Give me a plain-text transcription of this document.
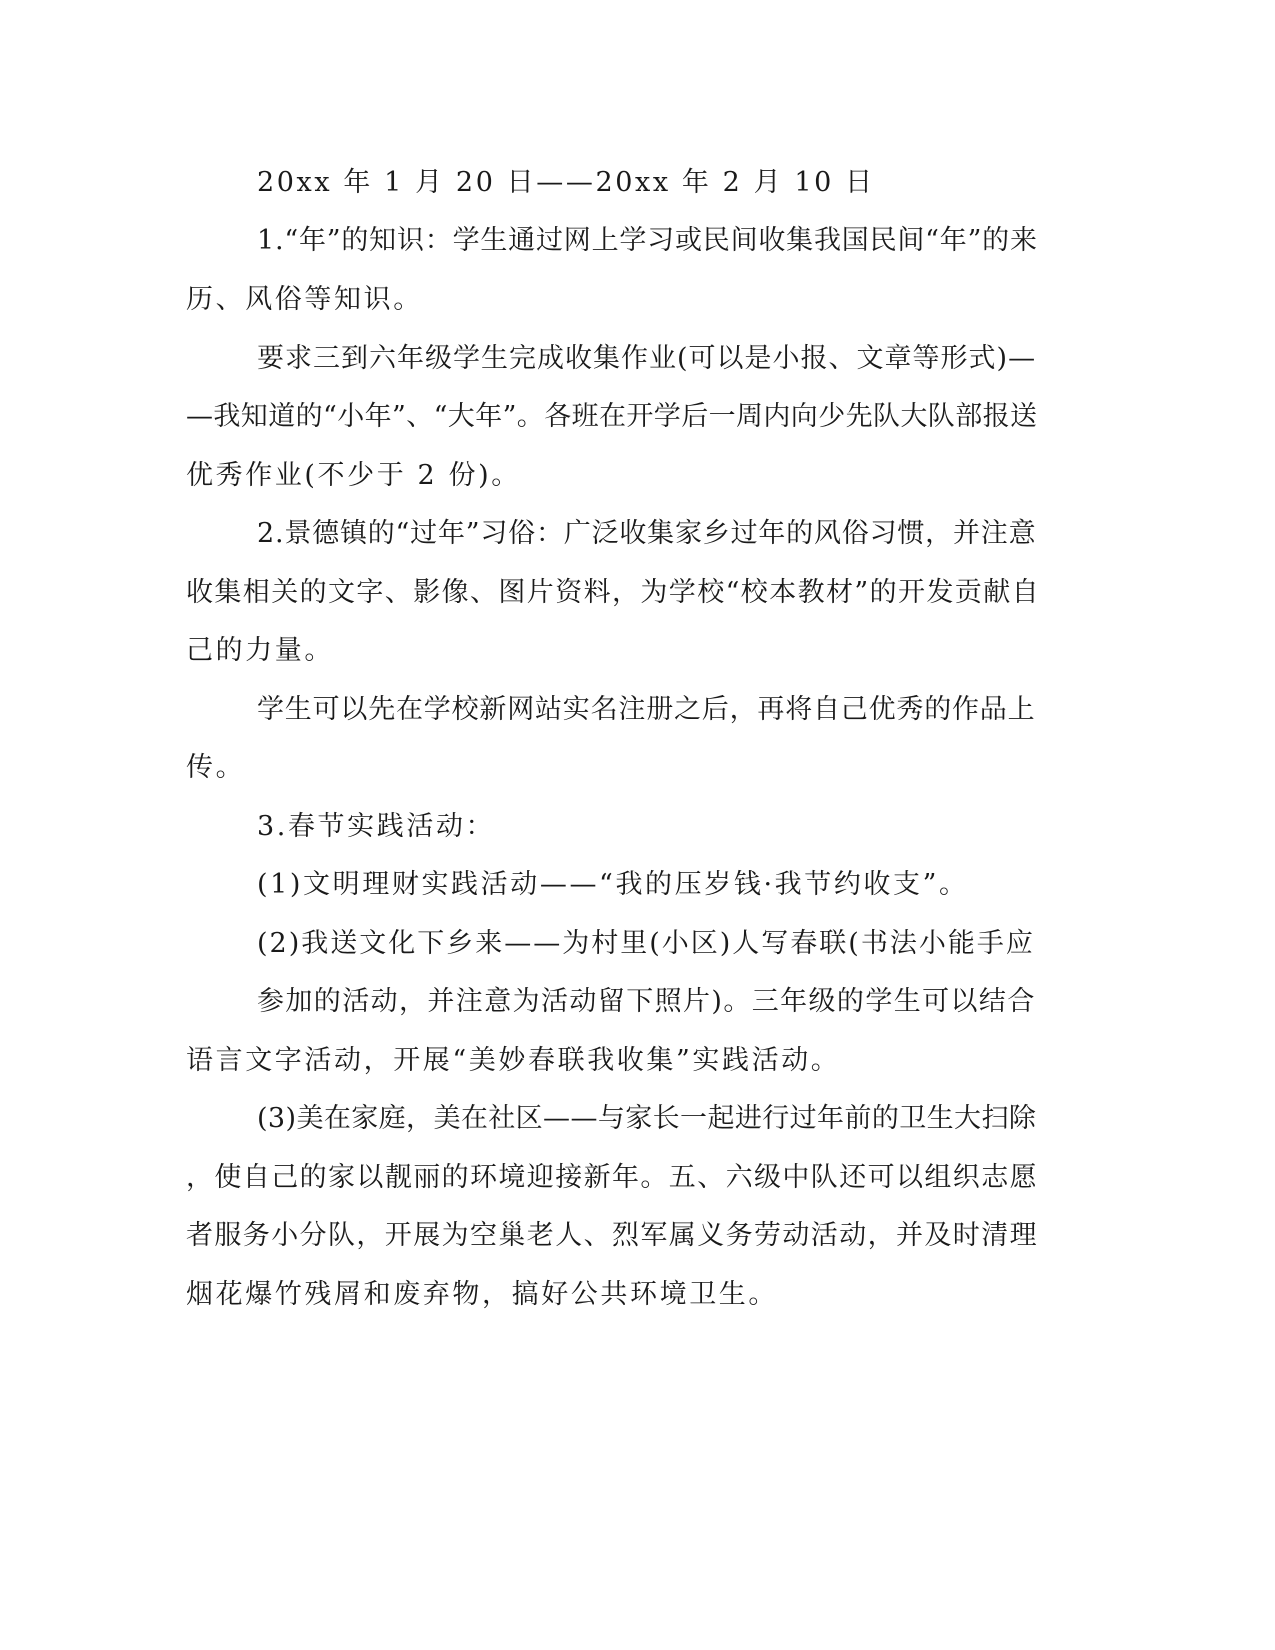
20xx 年 1 月 20 日——20xx 年 2 月 10 日
1.“年”的知识：学生通过网上学习或民间收集我国民间“年”的来
历、风俗等知识。
要求三到六年级学生完成收集作业(可以是小报、文章等形式)—
—我知道的“小年”、“大年”。各班在开学后一周内向少先队大队部报送
优秀作业(不少于 2 份)。
2.景德镇的“过年”习俗：广泛收集家乡过年的风俗习惯，并注意
收集相关的文字、影像、图片资料，为学校“校本教材”的开发贡献自
己的力量。
学生可以先在学校新网站实名注册之后，再将自己优秀的作品上
传。
3.春节实践活动：
(1)文明理财实践活动——“我的压岁钱·我节约收支”。
(2)我送文化下乡来——为村里(小区)人写春联(书法小能手应
参加的活动，并注意为活动留下照片)。三年级的学生可以结合
语言文字活动，开展“美妙春联我收集”实践活动。
(3)美在家庭，美在社区——与家长一起进行过年前的卫生大扫除
，使自己的家以靓丽的环境迎接新年。五、六级中队还可以组织志愿
者服务小分队，开展为空巢老人、烈军属义务劳动活动，并及时清理
烟花爆竹残屑和废弃物，搞好公共环境卫生。
